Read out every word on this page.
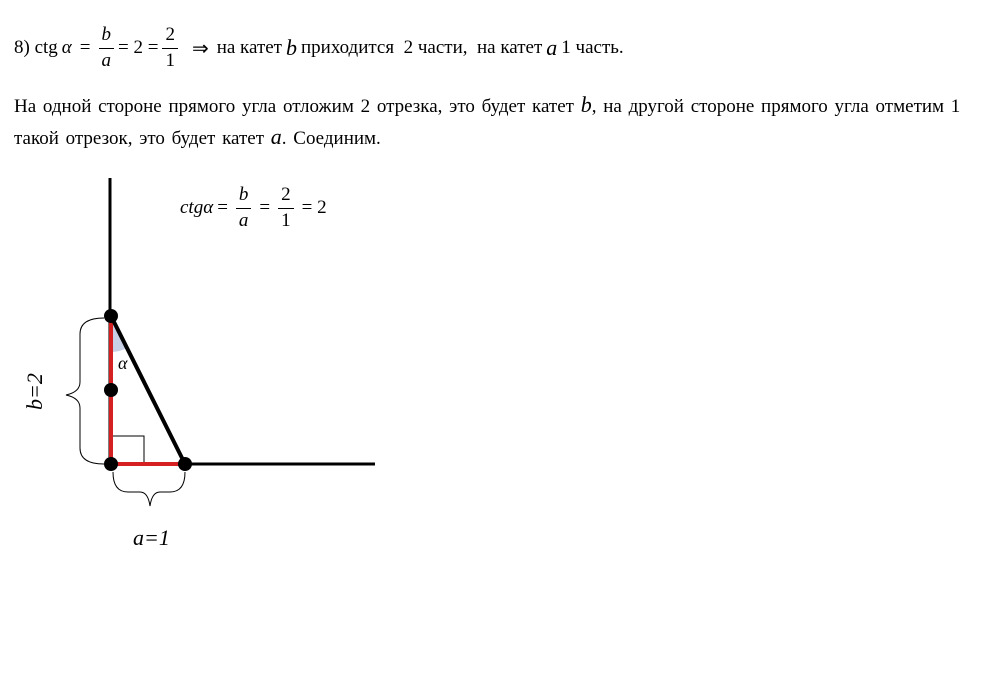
8) ctg $\alpha = \frac{b}{a} = 2 = \frac{2}{1}$ ⇒ на катет b приходится  2 части,  на катет a 1 часть.
На одной стороне прямого угла отложим 2 отрезка, это будет катет b, на другой стороне прямого угла отметим 1 такой отрезок, это будет катет a. Соединим.
$ctg\alpha = \frac{b}{a} = \frac{2}{1} = 2$
b=2
a=1
α
